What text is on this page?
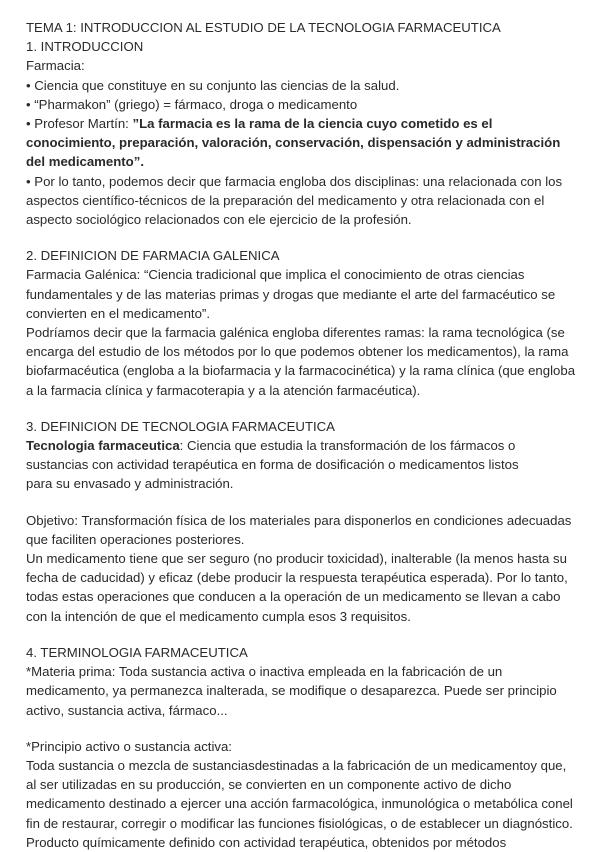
TEMA 1: INTRODUCCION AL ESTUDIO DE LA TECNOLOGIA FARMACEUTICA

1. INTRODUCCION

Farmacia:

• Ciencia que constituye en su conjunto las ciencias de la salud.

• “Pharmakon” (griego) = fármaco, droga o medicamento

• Profesor Martín: ”La farmacia es la rama de la ciencia cuyo cometido es el conocimiento, preparación, valoración, conservación, dispensación y administración del medicamento”.

• Por lo tanto, podemos decir que farmacia engloba dos disciplinas: una relacionada con los aspectos científico-técnicos de la preparación del medicamento y otra relacionada con el aspecto sociológico relacionados con ele ejercicio de la profesión.

2. DEFINICION DE FARMACIA GALENICA

Farmacia Galénica: “Ciencia tradicional que implica el conocimiento de otras ciencias fundamentales y de las materias primas y drogas que mediante el arte del farmacéutico se convierten en el medicamento”.

Podríamos decir que la farmacia galénica engloba diferentes ramas: la rama tecnológica (se encarga del estudio de los métodos por lo que podemos obtener los medicamentos), la rama biofarmacéutica (engloba a la biofarmacia y la farmacocinética) y la rama clínica (que engloba a la farmacia clínica y farmacoterapia y a la atención farmacéutica).

3. DEFINICION DE TECNOLOGIA FARMACEUTICA

Tecnologia farmaceutica: Ciencia que estudia la transformación de los fármacos o
sustancias con actividad terapéutica en forma de dosificación o medicamentos listos
para su envasado y administración.

Objetivo: Transformación física de los materiales para disponerlos en condiciones adecuadas que faciliten operaciones posteriores.

Un medicamento tiene que ser seguro (no producir toxicidad), inalterable (la menos hasta su fecha de caducidad) y eficaz (debe producir la respuesta terapéutica esperada). Por lo tanto, todas estas operaciones que conducen a la operación de un medicamento se llevan a cabo con la intención de que el medicamento cumpla esos 3 requisitos.

4. TERMINOLOGIA FARMACEUTICA

*Materia prima: Toda sustancia activa o inactiva empleada en la fabricación de un medicamento, ya permanezca inalterada, se modifique o desaparezca. Puede ser principio activo, sustancia activa, fármaco...

*Principio activo o sustancia activa:

Toda sustancia o mezcla de sustanciasdestinadas a la fabricación de un medicamentoy que, al ser utilizadas en su producción, se convierten en un componente activo de dicho medicamento destinado a ejercer una acción farmacológica, inmunológica o metabólica conel fin de restaurar, corregir o modificar las funciones fisiológicas, o de establecer un diagnóstico.

Producto químicamente definido con actividad terapéutica, obtenidos por métodos
